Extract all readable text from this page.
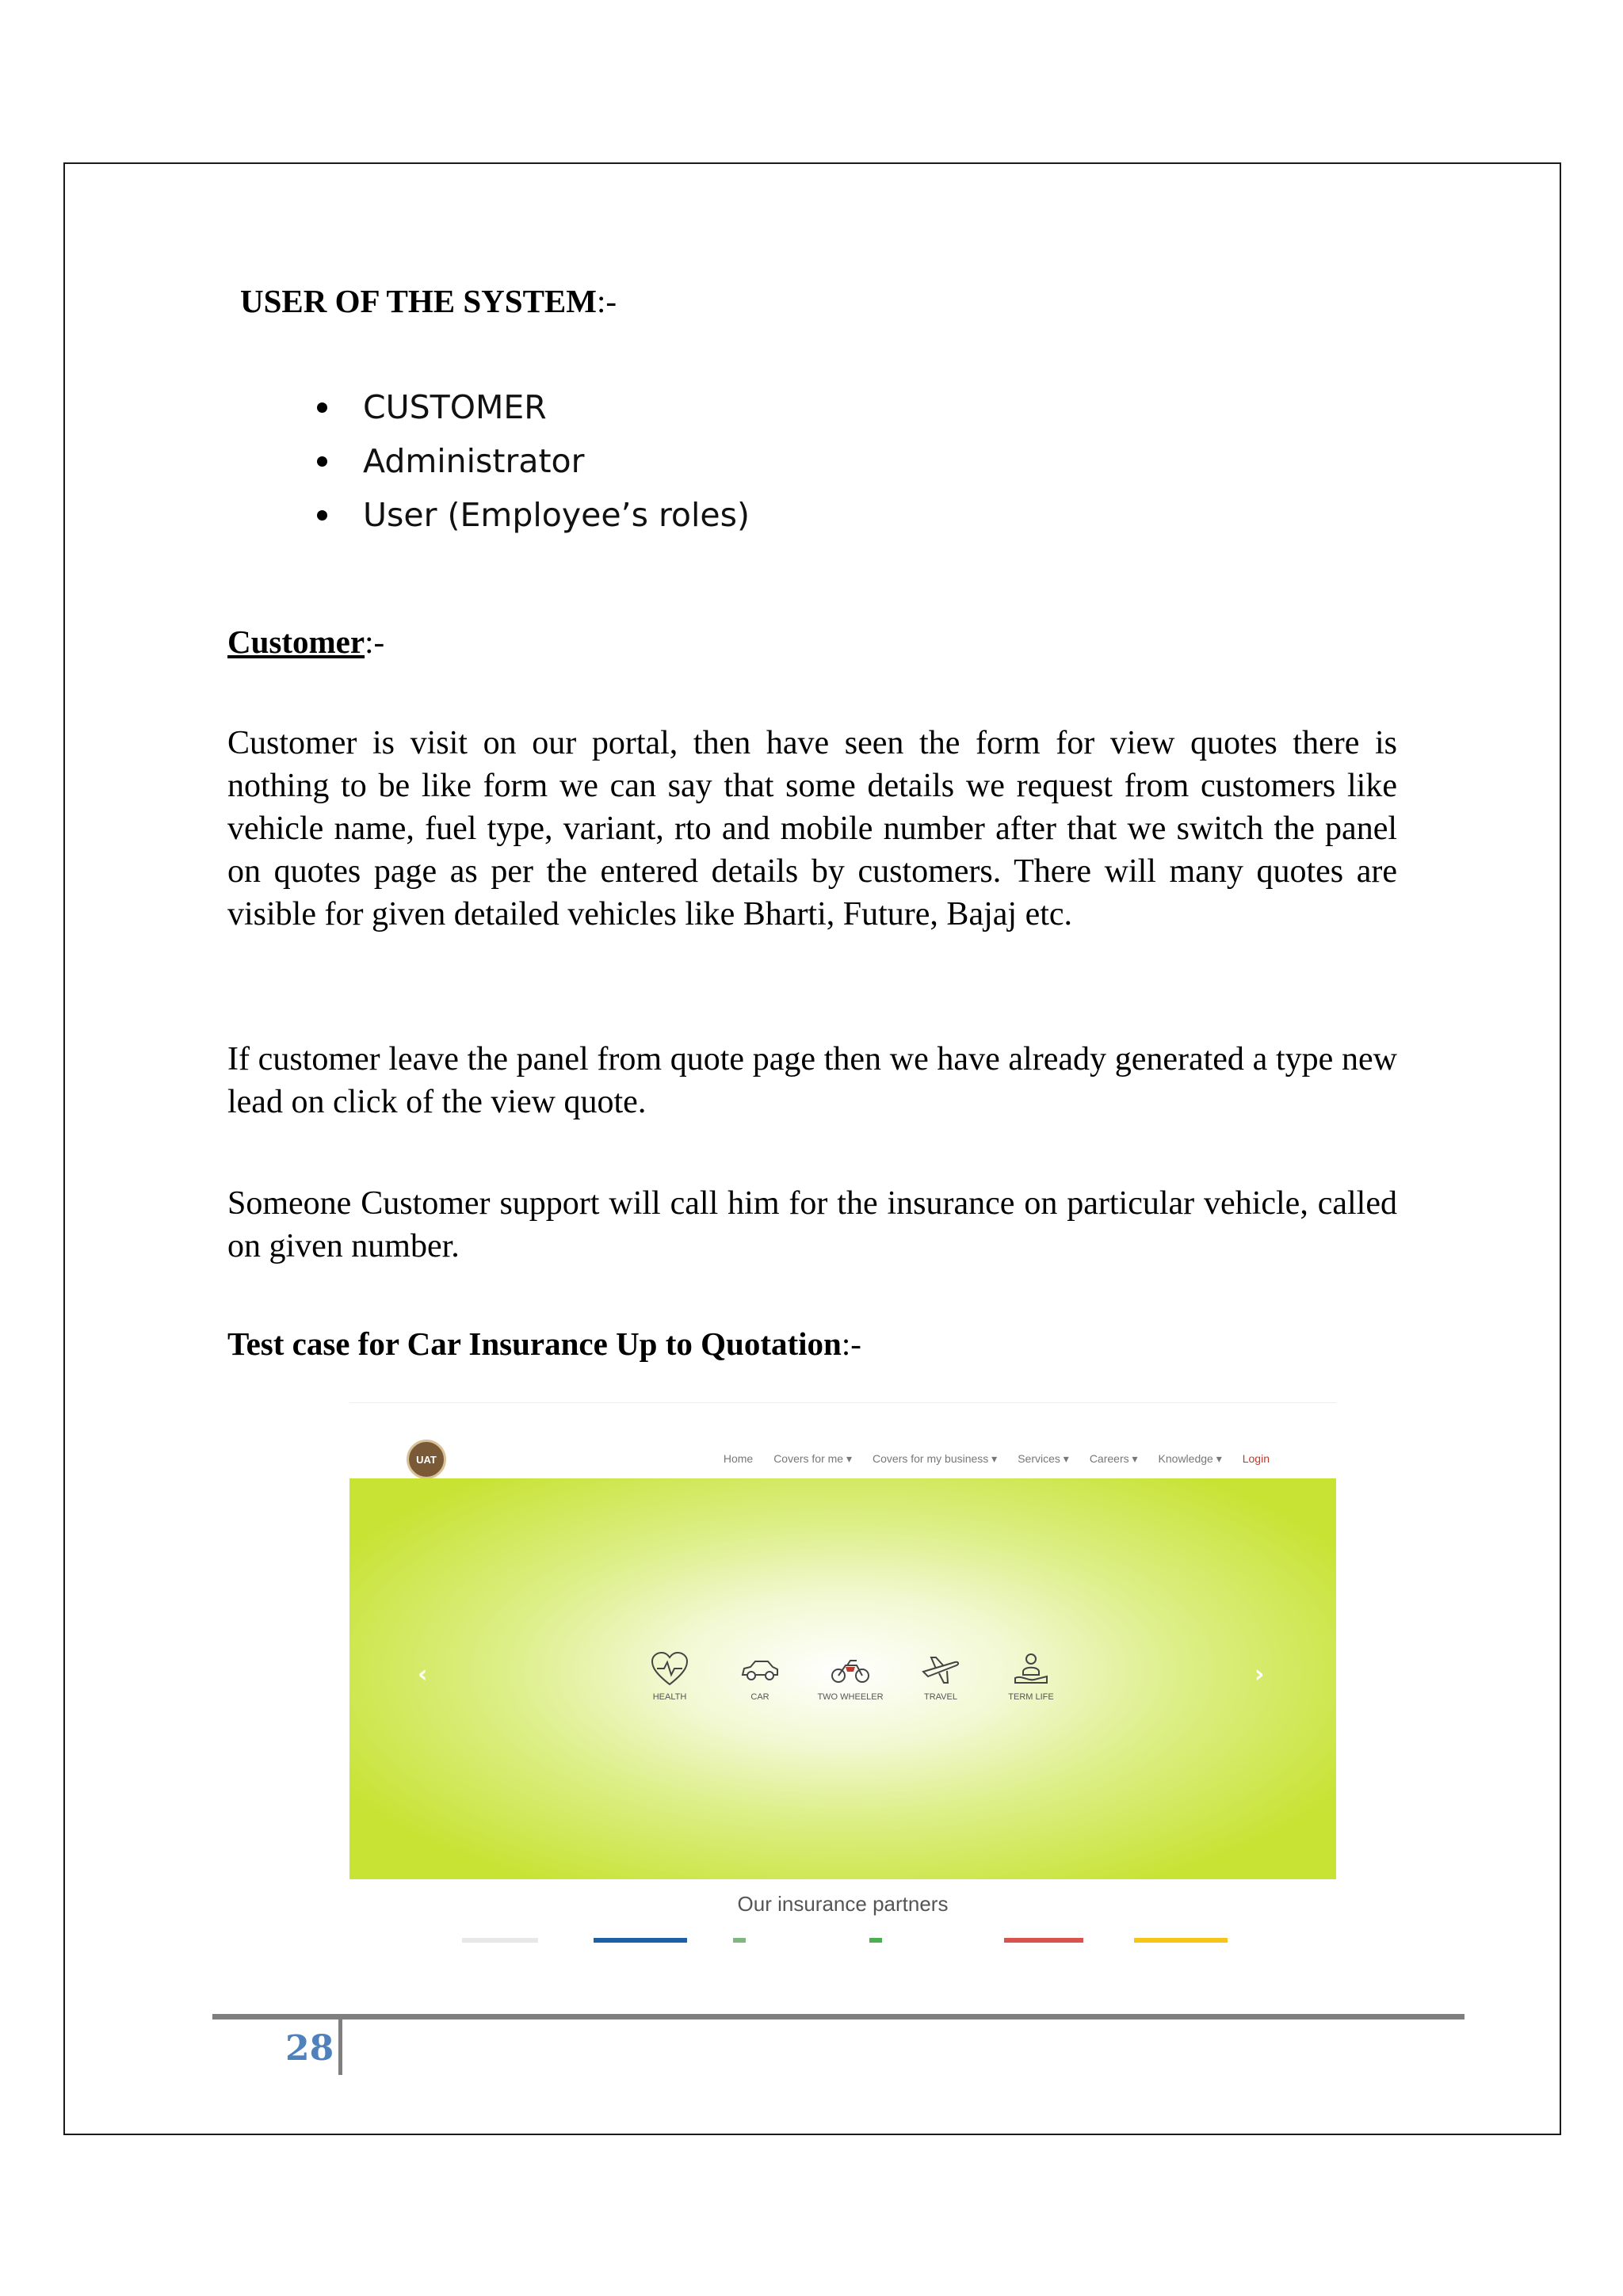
USER OF THE SYSTEM:-
CUSTOMER
Administrator
User (Employee’s roles)
Customer:-

Customer is visit on our portal, then have seen the form for view quotes there is nothing to be like form we can say that some details we request from customers like vehicle name, fuel type, variant, rto and mobile number after that we switch the panel on quotes page as per the entered details by customers. There will many quotes are visible for given detailed vehicles like Bharti, Future, Bajaj etc.

If customer leave the panel from quote page then we have already generated a type new lead on click of the view quote.

Someone Customer support will call him for the insurance on particular vehicle, called on given number.

Test case for Car Insurance Up to Quotation:-
UAT	Home Covers for me ▾ Covers for my business ▾ Services ▾ Careers ▾ Knowledge ▾ Login
‹	›
HEALTH	CAR	TWO WHEELER	TRAVEL	TERM LIFE
Our insurance partners
28
